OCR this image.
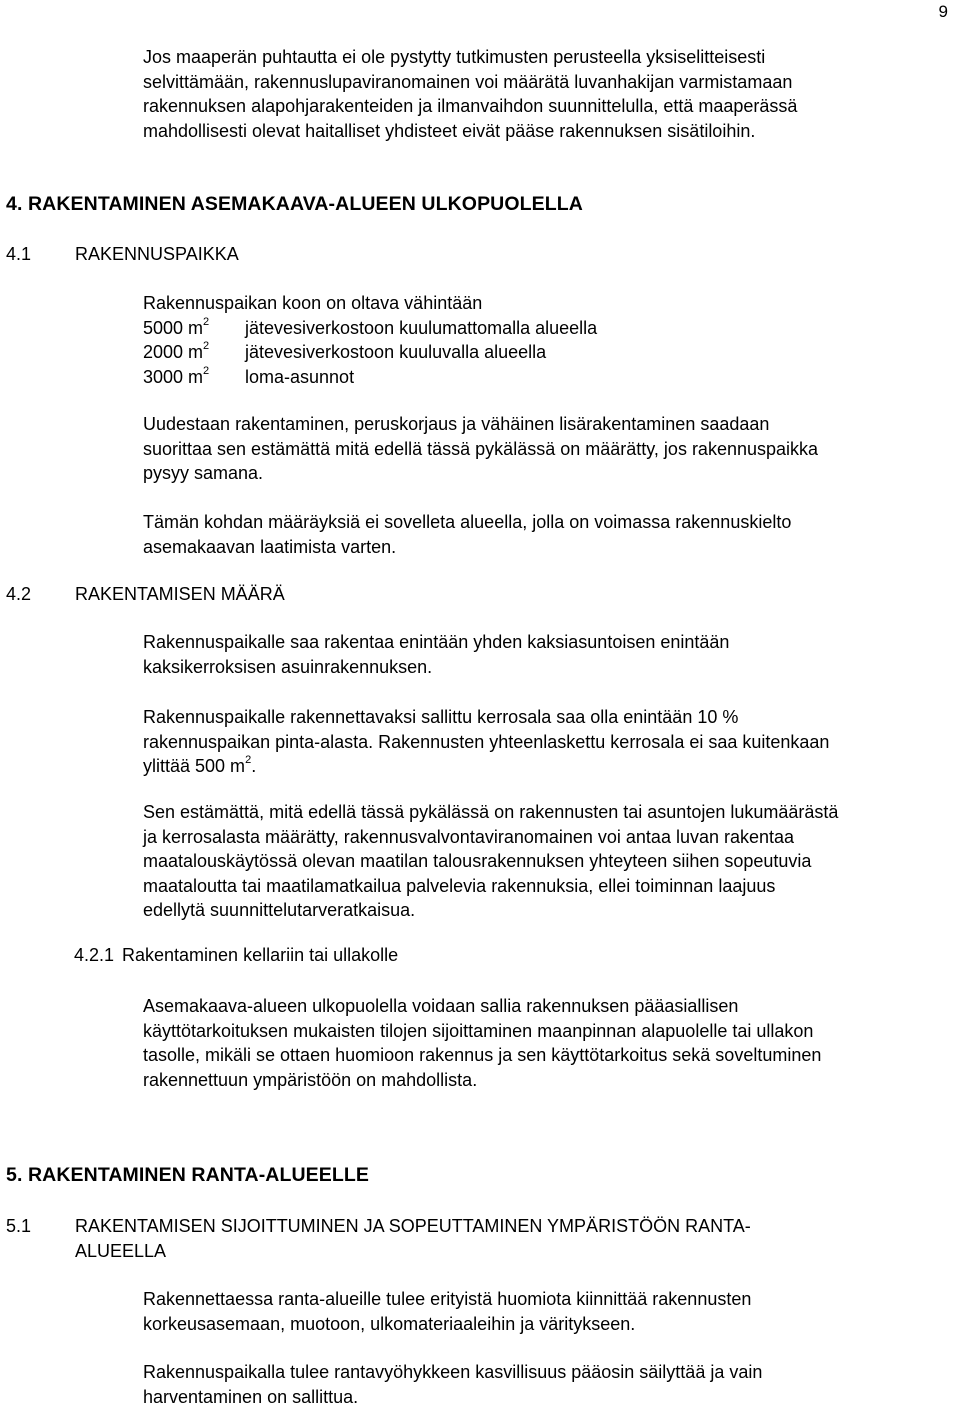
9

Jos maaperän puhtautta ei ole pystytty tutkimusten perusteella yksiselitteisesti

selvittämään, rakennuslupaviranomainen voi määrätä luvanhakijan varmistamaan

rakennuksen alapohjarakenteiden ja ilmanvaihdon suunnittelulla, että maaperässä

mahdollisesti olevat haitalliset yhdisteet eivät pääse rakennuksen sisätiloihin.

4. RAKENTAMINEN ASEMAKAAVA-ALUEEN ULKOPUOLELLA
4.1 RAKENNUSPAIKKA
Rakennuspaikan koon on oltava vähintään
5000 $m^2$	jätevesiverkostoon kuulumattomalla alueella
2000 $m^2$	jätevesiverkostoon kuuluvalla alueella
3000 $m^2$	loma-asunnot

Uudestaan rakentaminen, peruskorjaus ja vähäinen lisärakentaminen saadaan

suorittaa sen estämättä mitä edellä tässä pykälässä on määrätty, jos rakennuspaikka

pysyy samana.

Tämän kohdan määräyksiä ei sovelleta alueella, jolla on voimassa rakennuskielto

asemakaavan laatimista varten.

4.2 RAKENTAMISEN MÄÄRÄ

Rakennuspaikalle saa rakentaa enintään yhden kaksiasuntoisen enintään

kaksikerroksisen asuinrakennuksen.

Rakennuspaikalle rakennettavaksi sallittu kerrosala saa olla enintään 10 %

rakennuspaikan pinta-alasta. Rakennusten yhteenlaskettu kerrosala ei saa kuitenkaan

ylittää 500 $m^2$.

Sen estämättä, mitä edellä tässä pykälässä on rakennusten tai asuntojen lukumäärästä

ja kerrosalasta määrätty, rakennusvalvontaviranomainen voi antaa luvan rakentaa

maatalouskäytössä olevan maatilan talousrakennuksen yhteyteen siihen sopeutuvia

maataloutta tai maatilamatkailua palvelevia rakennuksia, ellei toiminnan laajuus

edellytä suunnittelutarveratkaisua.

4.2.1 Rakentaminen kellariin tai ullakolle

Asemakaava-alueen ulkopuolella voidaan sallia rakennuksen pääasiallisen

käyttötarkoituksen mukaisten tilojen sijoittaminen maanpinnan alapuolelle tai ullakon

tasolle, mikäli se ottaen huomioon rakennus ja sen käyttötarkoitus sekä soveltuminen

rakennettuun ympäristöön on mahdollista.

5. RAKENTAMINEN RANTA-ALUEELLE
5.1 RAKENTAMISEN SIJOITTUMINEN JA SOPEUTTAMINEN YMPÄRISTÖÖN RANTA-
ALUEELLA

Rakennettaessa ranta-alueille tulee erityistä huomiota kiinnittää rakennusten

korkeusasemaan, muotoon, ulkomateriaaleihin ja väritykseen.

Rakennuspaikalla tulee rantavyöhykkeen kasvillisuus pääosin säilyttää ja vain

harventaminen on sallittua.
